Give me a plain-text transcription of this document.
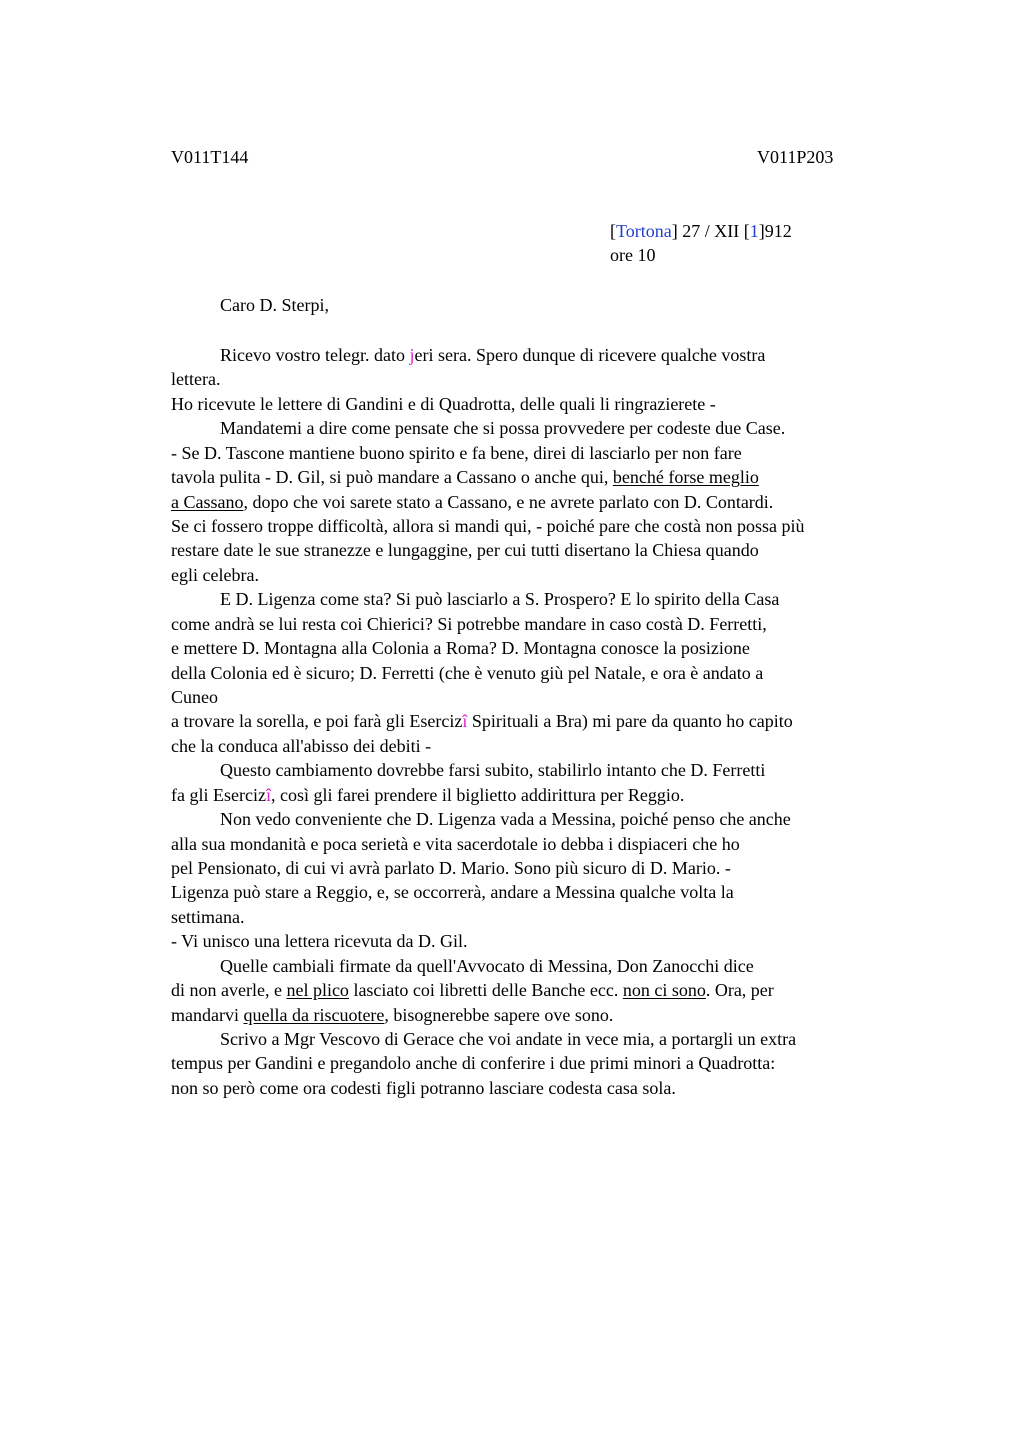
V011T144	V011P203
[Tortona] 27 / XII [1]912
ore 10
Caro D. Sterpi,
Ricevo vostro telegr. dato jeri sera. Spero dunque di ricevere qualche vostra
lettera.
Ho ricevute le lettere di Gandini e di Quadrotta, delle quali li ringrazierete -
Mandatemi a dire come pensate che si possa provvedere per codeste due Case.
- Se D. Tascone mantiene buono spirito e fa bene, direi di lasciarlo per non fare
tavola pulita - D. Gil, si può mandare a Cassano o anche qui, benché forse meglio
a Cassano, dopo che voi sarete stato a Cassano, e ne avrete parlato con D. Contardi.
Se ci fossero troppe difficoltà, allora si mandi qui, - poiché pare che costà non possa più
restare date le sue stranezze e lungaggine, per cui tutti disertano la Chiesa quando
egli celebra.
E D. Ligenza come sta? Si può lasciarlo a S. Prospero? E lo spirito della Casa
come andrà se lui resta coi Chierici? Si potrebbe mandare in caso costà D. Ferretti,
e mettere D. Montagna alla Colonia a Roma? D. Montagna conosce la posizione
della Colonia ed è sicuro; D. Ferretti (che è venuto giù pel Natale, e ora è andato a
Cuneo
a trovare la sorella, e poi farà gli Esercizî Spirituali a Bra) mi pare da quanto ho capito
che la conduca all'abisso dei debiti -
Questo cambiamento dovrebbe farsi subito, stabilirlo intanto che D. Ferretti
fa gli Esercizî, così gli farei prendere il biglietto addirittura per Reggio.
Non vedo conveniente che D. Ligenza vada a Messina, poiché penso che anche
alla sua mondanità e poca serietà e vita sacerdotale io debba i dispiaceri che ho
pel Pensionato, di cui vi avrà parlato D. Mario. Sono più sicuro di D. Mario. -
Ligenza può stare a Reggio, e, se occorrerà, andare a Messina qualche volta la
settimana.
- Vi unisco una lettera ricevuta da D. Gil.
Quelle cambiali firmate da quell'Avvocato di Messina, Don Zanocchi dice
di non averle, e nel plico lasciato coi libretti delle Banche ecc. non ci sono. Ora, per
mandarvi quella da riscuotere, bisognerebbe sapere ove sono.
Scrivo a Mgr Vescovo di Gerace che voi andate in vece mia, a portargli un extra
tempus per Gandini e pregandolo anche di conferire i due primi minori a Quadrotta:
non so però come ora codesti figli potranno lasciare codesta casa sola.
